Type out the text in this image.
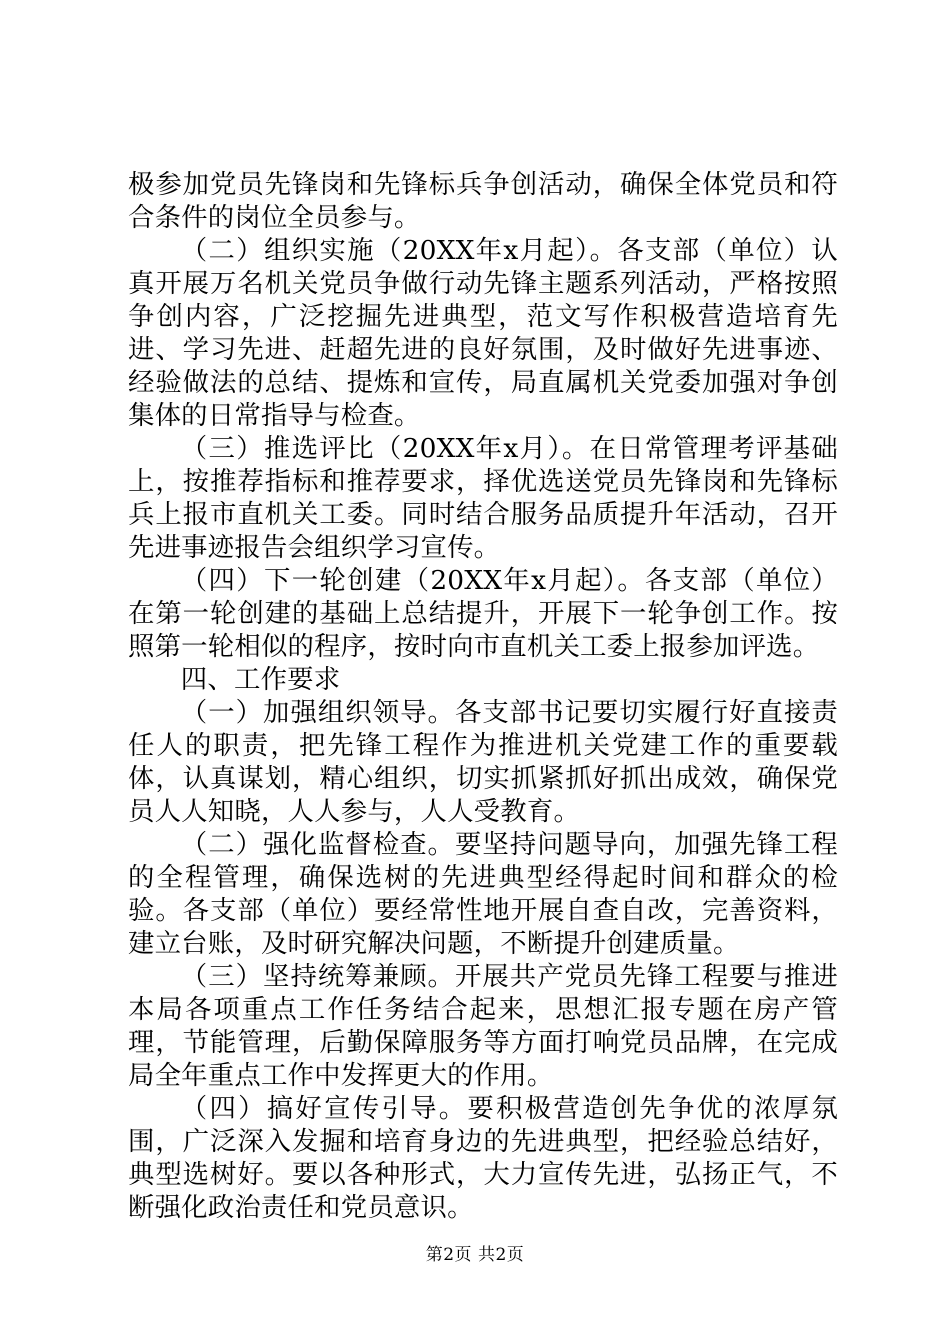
极参加党员先锋岗和先锋标兵争创活动，确保全体党员和符合条件的岗位全员参与。

（二）组织实施（20XX年x月起）。各支部（单位）认真开展万名机关党员争做行动先锋主题系列活动，严格按照争创内容，广泛挖掘先进典型，范文写作积极营造培育先进、学习先进、赶超先进的良好氛围，及时做好先进事迹、经验做法的总结、提炼和宣传，局直属机关党委加强对争创集体的日常指导与检查。

（三）推选评比（20XX年x月）。在日常管理考评基础上，按推荐指标和推荐要求，择优选送党员先锋岗和先锋标兵上报市直机关工委。同时结合服务品质提升年活动，召开先进事迹报告会组织学习宣传。

（四）下一轮创建（20XX年x月起）。各支部（单位）在第一轮创建的基础上总结提升，开展下一轮争创工作。按照第一轮相似的程序，按时向市直机关工委上报参加评选。

四、工作要求

（一）加强组织领导。各支部书记要切实履行好直接责任人的职责，把先锋工程作为推进机关党建工作的重要载体，认真谋划，精心组织，切实抓紧抓好抓出成效，确保党员人人知晓，人人参与，人人受教育。

（二）强化监督检查。要坚持问题导向，加强先锋工程的全程管理，确保选树的先进典型经得起时间和群众的检验。各支部（单位）要经常性地开展自查自改，完善资料，建立台账，及时研究解决问题，不断提升创建质量。

（三）坚持统筹兼顾。开展共产党员先锋工程要与推进本局各项重点工作任务结合起来，思想汇报专题在房产管理，节能管理，后勤保障服务等方面打响党员品牌，在完成局全年重点工作中发挥更大的作用。

（四）搞好宣传引导。要积极营造创先争优的浓厚氛围，广泛深入发掘和培育身边的先进典型，把经验总结好，典型选树好。要以各种形式，大力宣传先进，弘扬正气，不断强化政治责任和党员意识。

第2页 共2页
